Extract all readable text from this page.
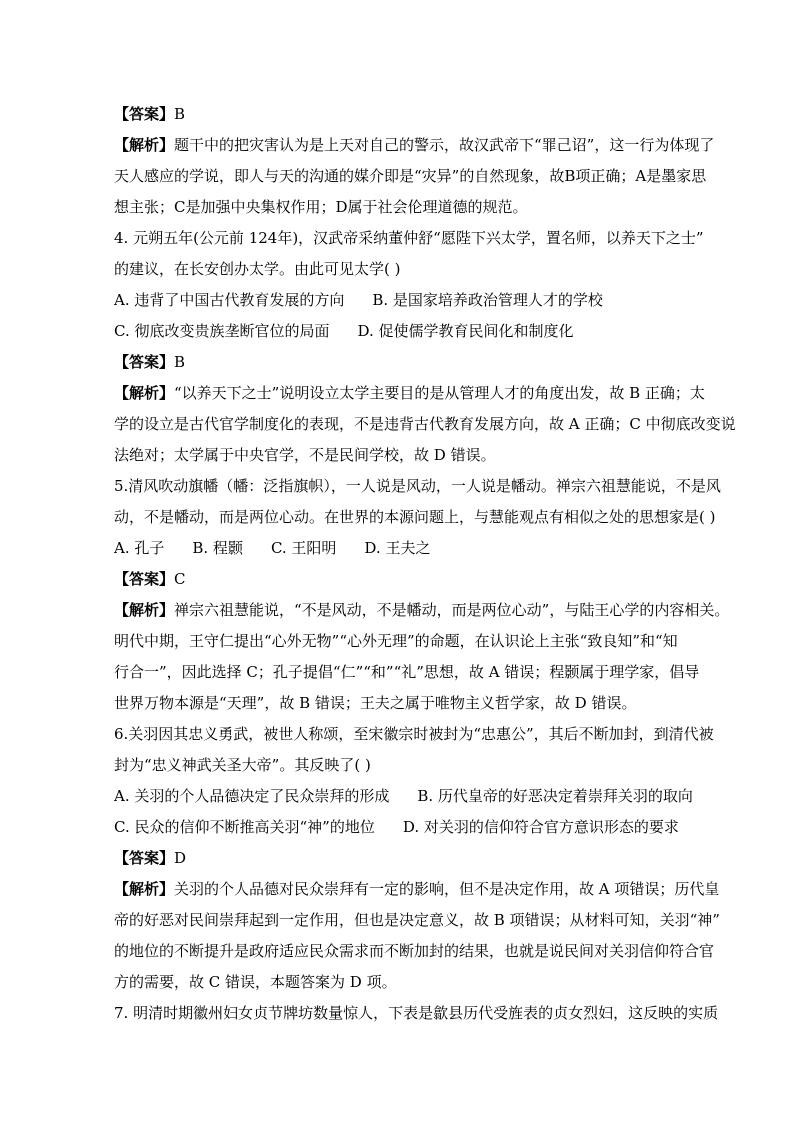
【答案】B
【解析】题干中的把灾害认为是上天对自己的警示，故汉武帝下“罪己诏”，这一行为体现了
天人感应的学说，即人与天的沟通的媒介即是“灾异”的自然现象，故B项正确；A是墨家思
想主张；C是加强中央集权作用；D属于社会伦理道德的规范。
4. 元朔五年(公元前 124年)，汉武帝采纳董仲舒“愿陛下兴太学，置名师，以养天下之士”
的建议，在长安创办太学。由此可见太学( )
A. 违背了中国古代教育发展的方向 B. 是国家培养政治管理人才的学校
C. 彻底改变贵族垄断官位的局面 D. 促使儒学教育民间化和制度化
【答案】B
【解析】“以养天下之士”说明设立太学主要目的是从管理人才的角度出发，故 B 正确；太
学的设立是古代官学制度化的表现，不是违背古代教育发展方向，故 A 正确；C 中彻底改变说
法绝对；太学属于中央官学，不是民间学校，故 D 错误。
5.清风吹动旗幡（幡：泛指旗帜），一人说是风动，一人说是幡动。禅宗六祖慧能说，不是风
动，不是幡动，而是两位心动。在世界的本源问题上，与慧能观点有相似之处的思想家是( )
A. 孔子 B. 程颢 C. 王阳明 D. 王夫之
【答案】C
【解析】禅宗六祖慧能说，“不是风动，不是幡动，而是两位心动”，与陆王心学的内容相关。
明代中期，王守仁提出“心外无物”“心外无理”的命题，在认识论上主张“致良知”和“知
行合一”，因此选择 C；孔子提倡“仁”“和”“礼”思想，故 A 错误；程颢属于理学家，倡导
世界万物本源是“天理”，故 B 错误；王夫之属于唯物主义哲学家，故 D 错误。
6.关羽因其忠义勇武，被世人称颂，至宋徽宗时被封为“忠惠公”，其后不断加封，到清代被
封为“忠义神武关圣大帝”。其反映了( )
A. 关羽的个人品德决定了民众崇拜的形成 B. 历代皇帝的好恶决定着崇拜关羽的取向
C. 民众的信仰不断推高关羽“神”的地位 D. 对关羽的信仰符合官方意识形态的要求
【答案】D
【解析】关羽的个人品德对民众崇拜有一定的影响，但不是决定作用，故 A 项错误；历代皇
帝的好恶对民间崇拜起到一定作用，但也是决定意义，故 B 项错误；从材料可知，关羽“神”
的地位的不断提升是政府适应民众需求而不断加封的结果，也就是说民间对关羽信仰符合官
方的需要，故 C 错误，本题答案为 D 项。
7. 明清时期徽州妇女贞节牌坊数量惊人，下表是歙县历代受旌表的贞女烈妇，这反映的实质
